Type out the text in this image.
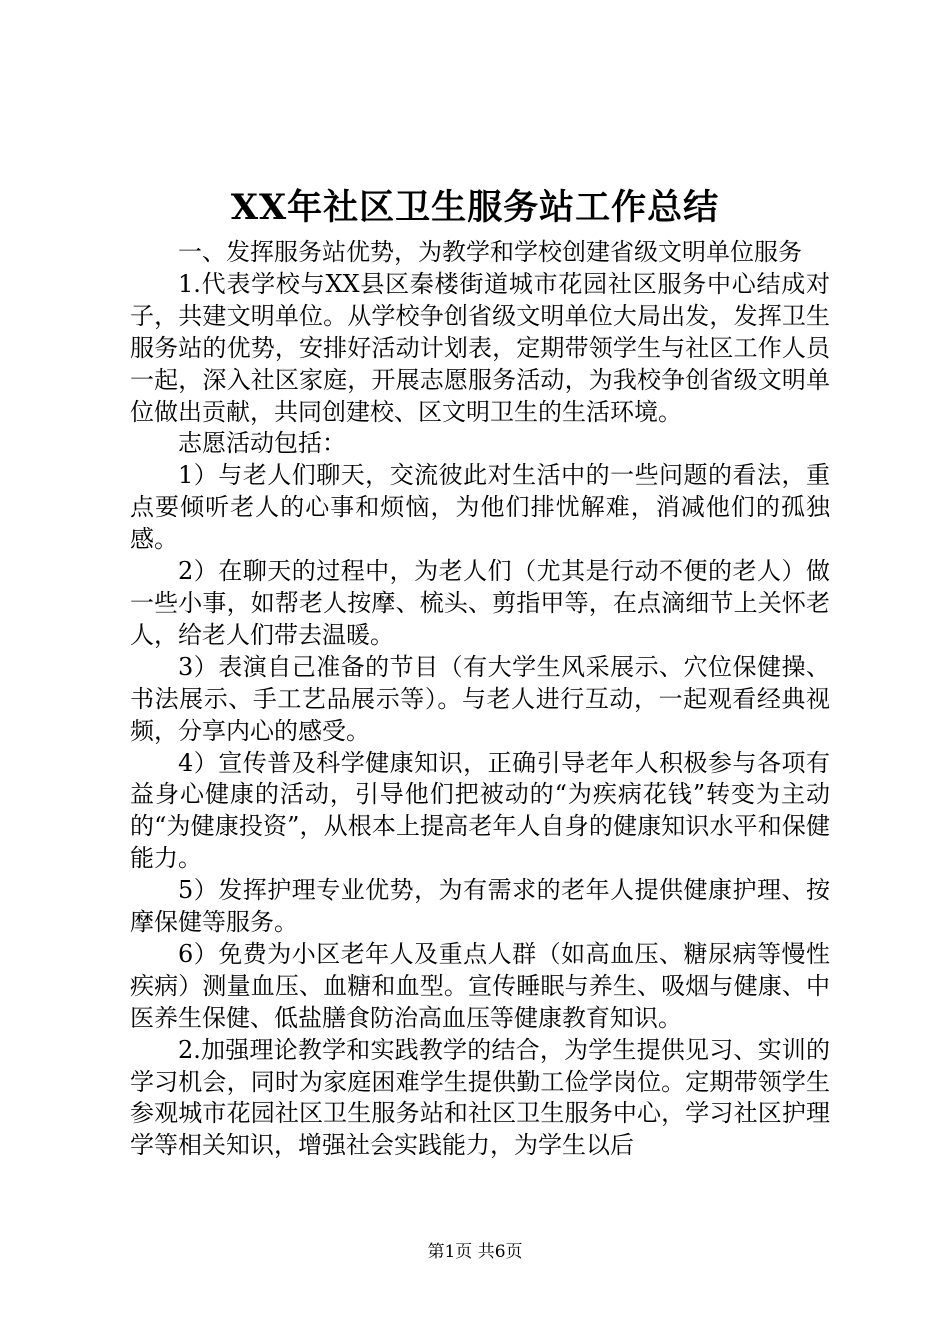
XX年社区卫生服务站工作总结

一、发挥服务站优势，为教学和学校创建省级文明单位服务

1.代表学校与XX县区秦楼街道城市花园社区服务中心结成对子，共建文明单位。从学校争创省级文明单位大局出发，发挥卫生服务站的优势，安排好活动计划表，定期带领学生与社区工作人员一起，深入社区家庭，开展志愿服务活动，为我校争创省级文明单位做出贡献，共同创建校、区文明卫生的生活环境。

志愿活动包括：

1）与老人们聊天，交流彼此对生活中的一些问题的看法，重点要倾听老人的心事和烦恼，为他们排忧解难，消减他们的孤独感。

2）在聊天的过程中，为老人们（尤其是行动不便的老人）做一些小事，如帮老人按摩、梳头、剪指甲等，在点滴细节上关怀老人，给老人们带去温暖。

3）表演自己准备的节目（有大学生风采展示、穴位保健操、书法展示、手工艺品展示等）。与老人进行互动，一起观看经典视频，分享内心的感受。

4）宣传普及科学健康知识，正确引导老年人积极参与各项有益身心健康的活动，引导他们把被动的“为疾病花钱”转变为主动的“为健康投资”，从根本上提高老年人自身的健康知识水平和保健能力。

5）发挥护理专业优势，为有需求的老年人提供健康护理、按摩保健等服务。

6）免费为小区老年人及重点人群（如高血压、糖尿病等慢性疾病）测量血压、血糖和血型。宣传睡眠与养生、吸烟与健康、中医养生保健、低盐膳食防治高血压等健康教育知识。

2.加强理论教学和实践教学的结合，为学生提供见习、实训的学习机会，同时为家庭困难学生提供勤工俭学岗位。定期带领学生参观城市花园社区卫生服务站和社区卫生服务中心，学习社区护理学等相关知识，增强社会实践能力，为学生以后

第1页 共6页
